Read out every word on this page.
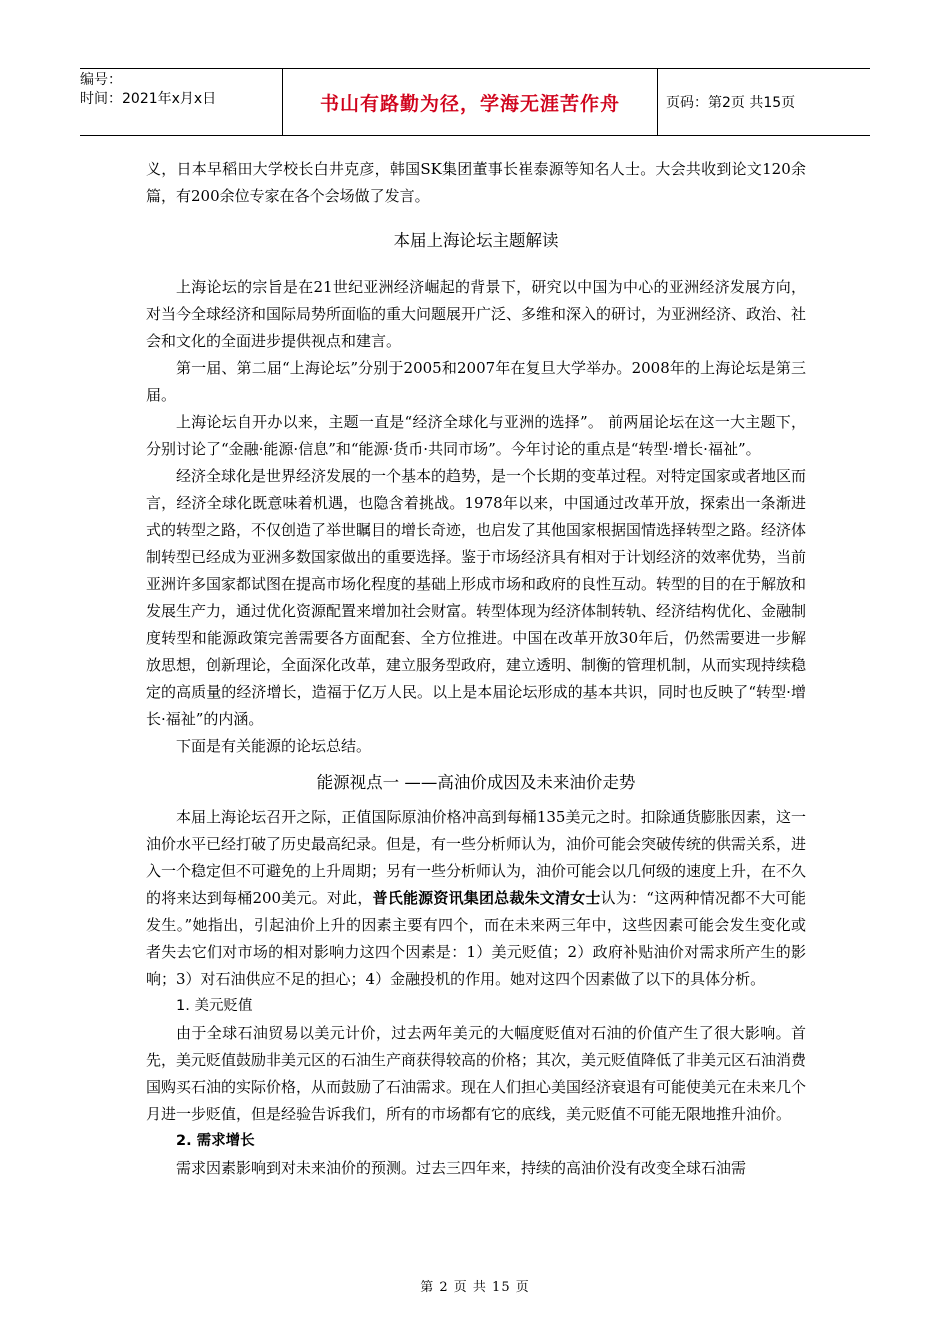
编号：
时间：2021年x月x日	书山有路勤为径，学海无涯苦作舟	页码：第2页 共15页

义，日本早稻田大学校长白井克彦，韩国SK集团董事长崔泰源等知名人士。大会共收到论文120余篇，有200余位专家在各个会场做了发言。

本届上海论坛主题解读

上海论坛的宗旨是在21世纪亚洲经济崛起的背景下，研究以中国为中心的亚洲经济发展方向，对当今全球经济和国际局势所面临的重大问题展开广泛、多维和深入的研讨，为亚洲经济、政治、社会和文化的全面进步提供视点和建言。

第一届、第二届“上海论坛”分别于2005和2007年在复旦大学举办。2008年的上海论坛是第三届。

上海论坛自开办以来，主题一直是“经济全球化与亚洲的选择”。 前两届论坛在这一大主题下，分别讨论了“金融·能源·信息”和“能源·货币·共同市场”。今年讨论的重点是“转型·增长·福祉”。

经济全球化是世界经济发展的一个基本的趋势，是一个长期的变革过程。对特定国家或者地区而言，经济全球化既意味着机遇，也隐含着挑战。1978年以来，中国通过改革开放，探索出一条渐进式的转型之路，不仅创造了举世瞩目的增长奇迹，也启发了其他国家根据国情选择转型之路。经济体制转型已经成为亚洲多数国家做出的重要选择。鉴于市场经济具有相对于计划经济的效率优势，当前亚洲许多国家都试图在提高市场化程度的基础上形成市场和政府的良性互动。转型的目的在于解放和发展生产力，通过优化资源配置来增加社会财富。转型体现为经济体制转轨、经济结构优化、金融制度转型和能源政策完善需要各方面配套、全方位推进。中国在改革开放30年后，仍然需要进一步解放思想，创新理论，全面深化改革，建立服务型政府，建立透明、制衡的管理机制，从而实现持续稳定的高质量的经济增长，造福于亿万人民。以上是本届论坛形成的基本共识，同时也反映了“转型·增长·福祉”的内涵。

下面是有关能源的论坛总结。

能源视点一 ——高油价成因及未来油价走势

本届上海论坛召开之际，正值国际原油价格冲高到每桶135美元之时。扣除通货膨胀因素，这一油价水平已经打破了历史最高纪录。但是，有一些分析师认为，油价可能会突破传统的供需关系，进入一个稳定但不可避免的上升周期；另有一些分析师认为，油价可能会以几何级的速度上升，在不久的将来达到每桶200美元。对此，普氏能源资讯集团总裁朱文清女士认为：“这两种情况都不大可能发生。”她指出，引起油价上升的因素主要有四个，而在未来两三年中，这些因素可能会发生变化或者失去它们对市场的相对影响力这四个因素是：1）美元贬值；2）政府补贴油价对需求所产生的影响；3）对石油供应不足的担心；4）金融投机的作用。她对这四个因素做了以下的具体分析。

1. 美元贬值

由于全球石油贸易以美元计价，过去两年美元的大幅度贬值对石油的价值产生了很大影响。首先，美元贬值鼓励非美元区的石油生产商获得较高的价格；其次，美元贬值降低了非美元区石油消费国购买石油的实际价格，从而鼓励了石油需求。现在人们担心美国经济衰退有可能使美元在未来几个月进一步贬值，但是经验告诉我们，所有的市场都有它的底线，美元贬值不可能无限地推升油价。

2. 需求增长

需求因素影响到对未来油价的预测。过去三四年来，持续的高油价没有改变全球石油需

第 2 页 共 15 页
